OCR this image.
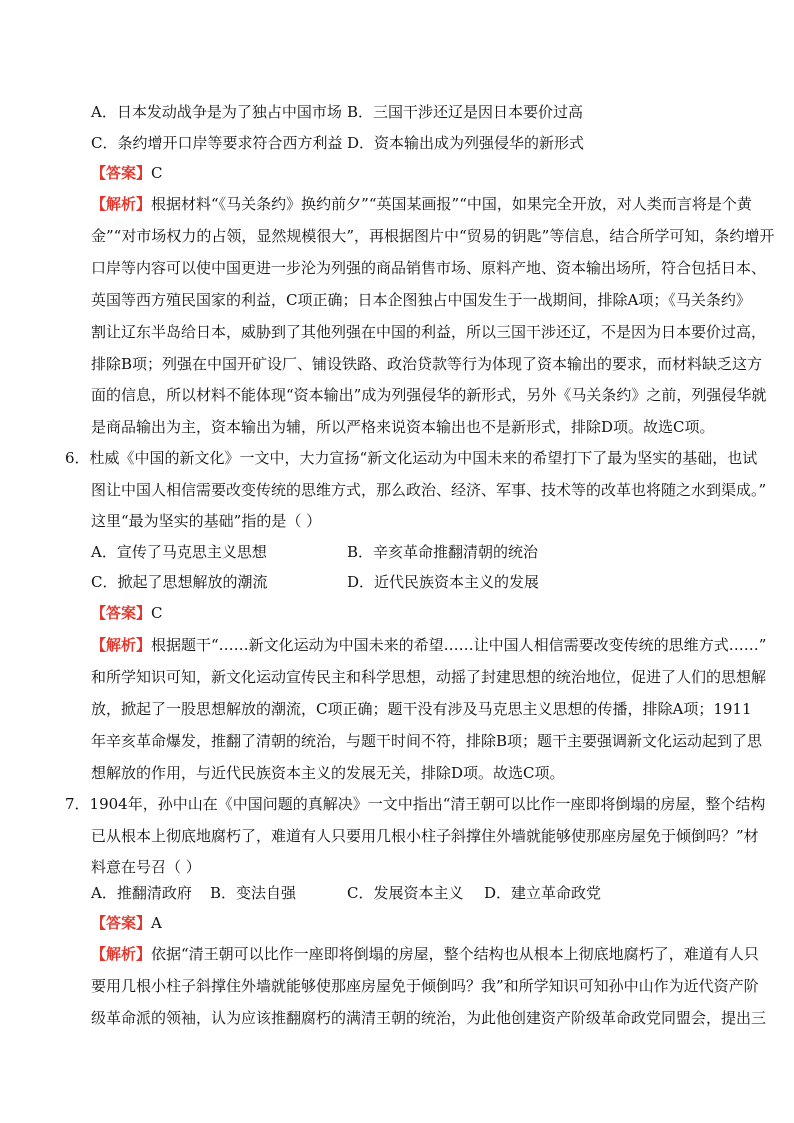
A．日本发动战争是为了独占中国市场 B．三国干涉还辽是因日本要价过高
C．条约增开口岸等要求符合西方利益 D．资本输出成为列强侵华的新形式
【答案】C
【解析】根据材料“《马关条约》换约前夕”“英国某画报”“中国，如果完全开放，对人类而言将是个黄
金”“对市场权力的占领，显然规模很大”，再根据图片中“贸易的钥匙”等信息，结合所学可知，条约增开
口岸等内容可以使中国更进一步沦为列强的商品销售市场、原料产地、资本输出场所，符合包括日本、
英国等西方殖民国家的利益，C项正确；日本企图独占中国发生于一战期间，排除A项；《马关条约》
割让辽东半岛给日本，威胁到了其他列强在中国的利益，所以三国干涉还辽，不是因为日本要价过高，
排除B项；列强在中国开矿设厂、铺设铁路、政治贷款等行为体现了资本输出的要求，而材料缺乏这方
面的信息，所以材料不能体现“资本输出”成为列强侵华的新形式，另外《马关条约》之前，列强侵华就
是商品输出为主，资本输出为辅，所以严格来说资本输出也不是新形式，排除D项。故选C项。
6．杜威《中国的新文化》一文中，大力宣扬“新文化运动为中国未来的希望打下了最为坚实的基础，也试
图让中国人相信需要改变传统的思维方式，那么政治、经济、军事、技术等的改革也将随之水到渠成。”
这里“最为坚实的基础”指的是（ ）
A．宣传了马克思主义思想	B．辛亥革命推翻清朝的统治
C．掀起了思想解放的潮流	D．近代民族资本主义的发展
【答案】C
【解析】根据题干“……新文化运动为中国未来的希望……让中国人相信需要改变传统的思维方式……”
和所学知识可知，新文化运动宣传民主和科学思想，动摇了封建思想的统治地位，促进了人们的思想解
放，掀起了一股思想解放的潮流，C项正确；题干没有涉及马克思主义思想的传播，排除A项；1911
年辛亥革命爆发，推翻了清朝的统治，与题干时间不符，排除B项；题干主要强调新文化运动起到了思
想解放的作用，与近代民族资本主义的发展无关，排除D项。故选C项。
7．1904年，孙中山在《中国问题的真解决》一文中指出“清王朝可以比作一座即将倒塌的房屋，整个结构
已从根本上彻底地腐朽了，难道有人只要用几根小柱子斜撑住外墙就能够使那座房屋免于倾倒吗？”材
料意在号召（ ）
A．推翻清政府 B．变法自强	C．发展资本主义 D．建立革命政党
【答案】A
【解析】依据“清王朝可以比作一座即将倒塌的房屋，整个结构也从根本上彻底地腐朽了，难道有人只
要用几根小柱子斜撑住外墙就能够使那座房屋免于倾倒吗？我”和所学知识可知孙中山作为近代资产阶
级革命派的领袖，认为应该推翻腐朽的满清王朝的统治，为此他创建资产阶级革命政党同盟会，提出三
